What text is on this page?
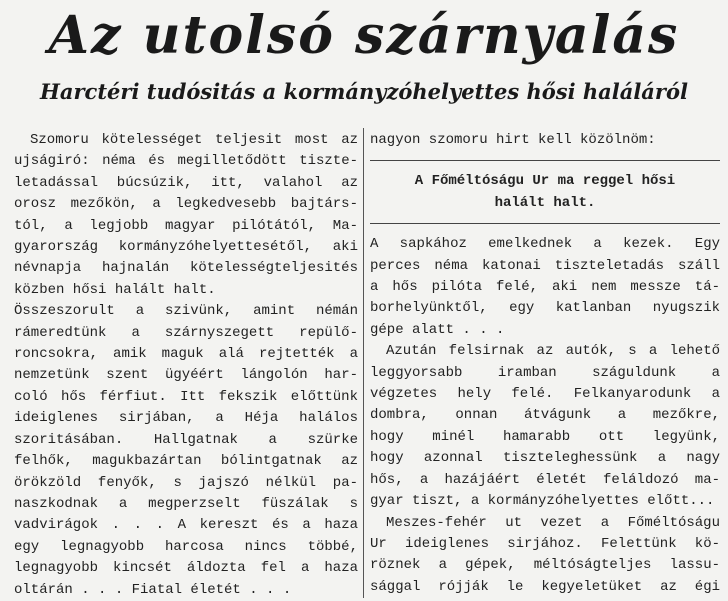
Az utolsó szárnyalás
Harctéri tudósitás a kormányzóhelyettes hősi haláláról
Szomoru kötelességet teljesit most az
ujságiró: néma és megilletődött tiszte-
letadással búcsúzik, itt, valahol az
orosz mezőkön, a legkedvesebb bajtárs-
tól, a legjobb magyar pilótától, Ma-
gyarország kormányzóhelyettesétől, aki
névnapja hajnalán kötelességteljesités
közben hősi halált halt.
Összeszorult a szivünk, amint némán
rámeredtünk a szárnyszegett repülő-
roncsokra, amik maguk alá rejtették a
nemzetünk szent ügyéért lángolón har-
coló hős férfiut. Itt fekszik előttünk
ideiglenes sirjában, a Héja halálos
szoritásában. Hallgatnak a szürke
felhők, magukbazártan bólintgatnak az
örökzöld fenyők, s jajszó nélkül pa-
naszkodnak a megperzselt füszálak s
vadvirágok . . . A kereszt és a haza
egy legnagyobb harcosa nincs többé,
legnagyobb kincsét áldozta fel a haza
oltárán . . . Fiatal életét . . .
nagyon szomoru hirt kell közölnöm:
A Főméltóságu Ur ma reggel hősi
halált halt.
A sapkához emelkednek a kezek. Egy
perces néma katonai tiszteletadás száll
a hős pilóta felé, aki nem messze tá-
borhelyünktől, egy katlanban nyugszik
gépe alatt . . .
Azután felsirnak az autók, s a lehető
leggyorsabb iramban száguldunk a
végzetes hely felé. Felkanyarodunk a
dombra, onnan átvágunk a mezőkre,
hogy minél hamarabb ott legyünk,
hogy azonnal tiszteleghessünk a nagy
hős, a hazájáért életét feláldozó ma-
gyar tiszt, a kormányzóhelyettes előtt...
Meszes-fehér ut vezet a Főméltóságu
Ur ideiglenes sirjához. Felettünk kö-
röznek a gépek, méltóságteljes lassu-
sággal rójják le kegyeletüket az égi
